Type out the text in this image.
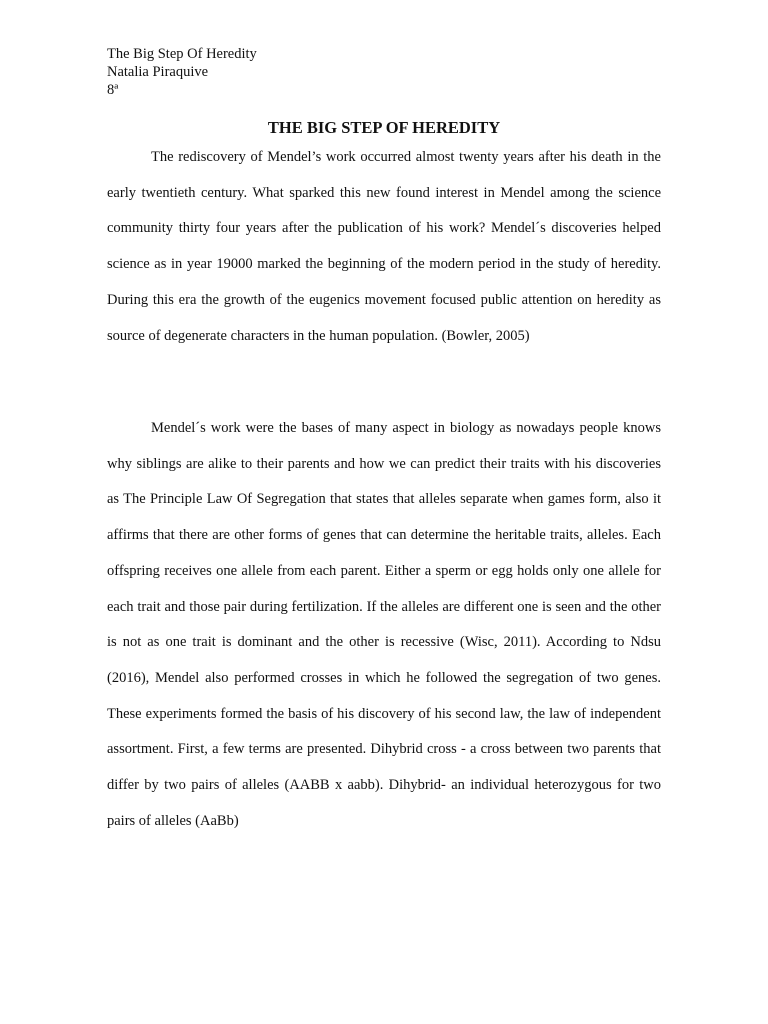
The Big Step Of Heredity
Natalia Piraquive
8ª
THE BIG STEP OF HEREDITY

The rediscovery of Mendel’s work occurred almost twenty years after his death in the early twentieth century. What sparked this new found interest in Mendel among the science community thirty four years after the publication of his work? Mendel´s discoveries helped science as in year 19000 marked the beginning of the modern period in the study of heredity. During this era the growth of the eugenics movement focused public attention on heredity as source of degenerate characters in the human population. (Bowler, 2005)

Mendel´s work were the bases of many aspect in biology as nowadays people knows why siblings are alike to their parents and how we can predict their traits with his discoveries as The Principle Law Of Segregation that states that alleles separate when games form, also it affirms that there are other forms of genes that can determine the heritable traits, alleles. Each offspring receives one allele from each parent. Either a sperm or egg holds only one allele for each trait and those pair during fertilization. If the alleles are different one is seen and the other is not as one trait is dominant and the other is recessive (Wisc, 2011). According to Ndsu (2016), Mendel also performed crosses in which he followed the segregation of two genes. These experiments formed the basis of his discovery of his second law, the law of independent assortment. First, a few terms are presented. Dihybrid cross - a cross between two parents that differ by two pairs of alleles (AABB x aabb). Dihybrid- an individual heterozygous for two pairs of alleles (AaBb)
